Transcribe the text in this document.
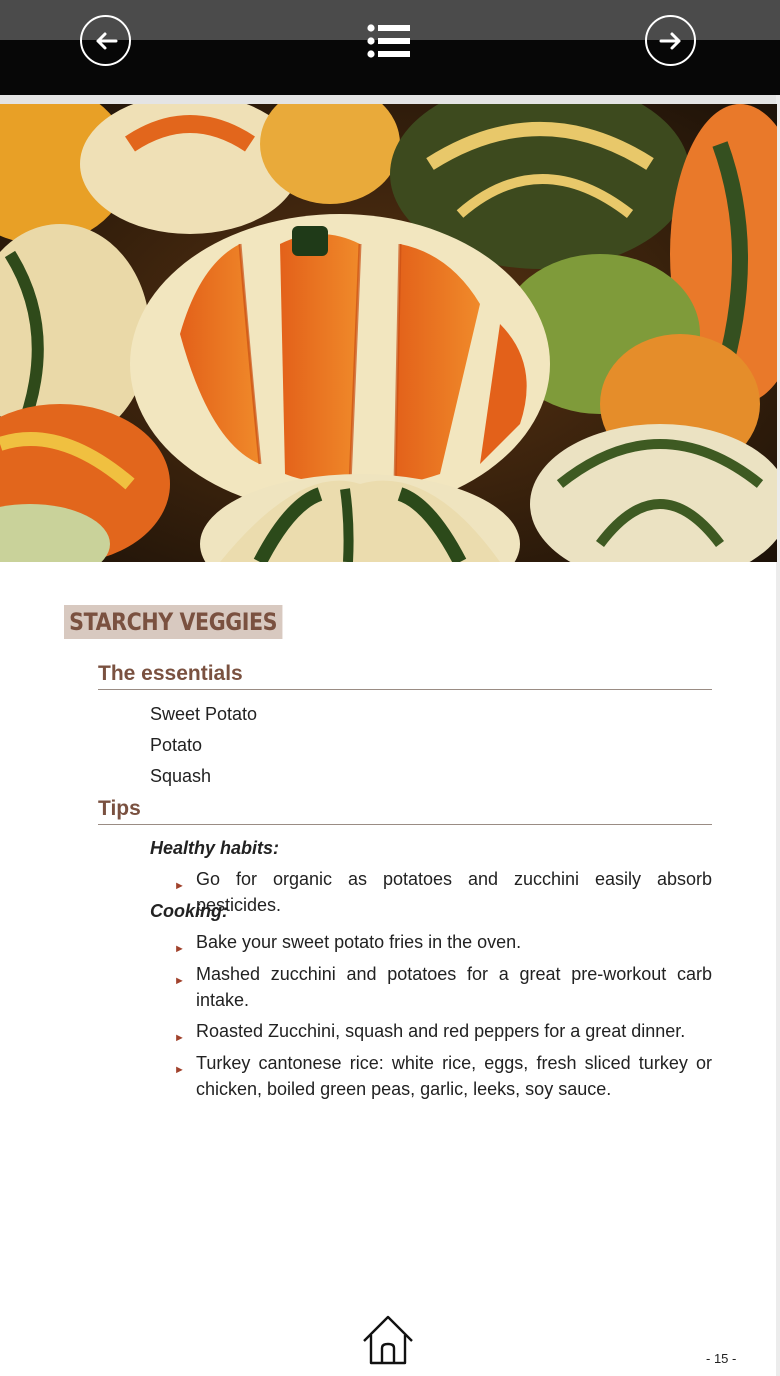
STARCHY VEGGIES
The essentials
Sweet Potato
Potato
Squash
Tips
Healthy habits:
► Go for organic as potatoes and zucchini easily absorb pesticides.
Cooking:
► Bake your sweet potato fries in the oven.
► Mashed zucchini and potatoes for a great pre-workout carb intake.
► Roasted Zucchini, squash and red peppers for a great dinner.
► Turkey cantonese rice: white rice, eggs, fresh sliced turkey or chicken, boiled green peas, garlic, leeks, soy sauce.
- 15 -
